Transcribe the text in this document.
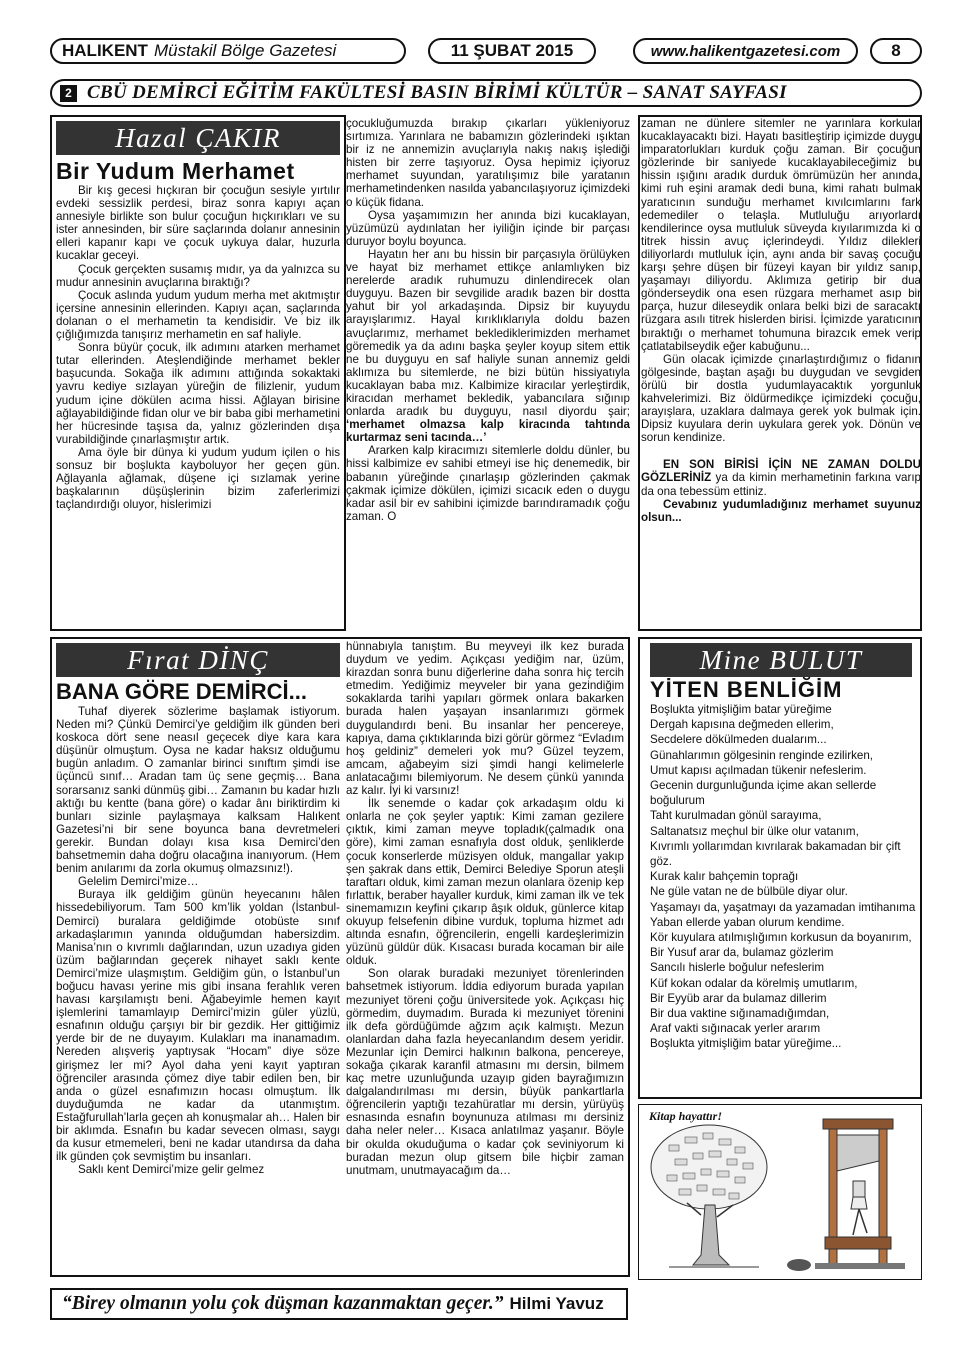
HALIKENT Müstakil Bölge Gazetesi	11 ŞUBAT 2015	www.halikentgazetesi.com	8
2 CBÜ DEMİRCİ EĞİTİM FAKÜLTESİ BASIN BİRİMİ KÜLTÜR – SANAT SAYFASI
Hazal ÇAKIR
Bir Yudum Merhamet

Bir kış gecesi hıçkıran bir çocuğun sesiyle yırtılır evdeki sessizlik perdesi, biraz sonra kapıyı açan annesiyle birlikte son bulur çocuğun hıçkırıkları ve su ister annesinden, bir süre saçlarında dolanır annesinin elleri kapanır kapı ve çocuk uykuya dalar, huzurla kucaklar geceyi.

Çocuk gerçekten susamış mıdır, ya da yalnızca su mudur annesinin avuçlarına bıraktığı?

Çocuk aslında yudum yudum merha met akıtmıştır içersine annesinin ellerinden. Kapıyı açan, saçlarında dolanan o el merhametin ta kendisidir. Ve biz ilk çığlığımızda tanışırız merhametin en saf haliyle.

Sonra büyür çocuk, ilk adımını atarken merhamet tutar ellerinden. Ateşlendiğinde merhamet bekler başucunda. Sokağa ilk adımını attığında sokaktaki yavru kediye sızlayan yüreğin de filizlenir, yudum yudum içine dökülen acıma hissi. Ağlayan birisine ağlayabildiğinde fidan olur ve bir baba gibi merhametini her hücresinde taşısa da, yalnız gözlerinden dışa vurabildiğinde çınarlaşmıştır artık.

Ama öyle bir dünya ki yudum yudum içilen o his sonsuz bir boşlukta kayboluyor her geçen gün. Ağlayanla ağlamak, düşene içi sızlamak yerine başkalarının düşüşlerinin bizim zaferlerimizi taçlandırdığı oluyor, hislerimizi

çocukluğumuzda bırakıp çıkarları yükleniyoruz sırtımıza. Yarınlara ne babamızın gözlerindeki ışıktan bir iz ne annemizin avuçlarıyla nakış nakış işlediği histen bir zerre taşıyoruz. Oysa hepimiz içiyoruz merhamet suyundan, yaratılışımız bile yaratanın merhametindenken nasılda yabancılaşıyoruz içimizdeki o küçük fidana.

Oysa yaşamımızın her anında bizi kucaklayan, yüzümüzü aydınlatan her iyiliğin içinde bir parçası duruyor boylu boyunca.

Hayatın her anı bu hissin bir parçasıyla örülüyken ve hayat biz merhamet ettikçe anlamlıyken biz nerelerde aradık ruhumuzu dinlendirecek olan duyguyu. Bazen bir sevgilide aradık bazen bir dostta yahut bir yol arkadaşında. Dipsiz bir kuyuydu arayışlarımız. Hayal kırıklıklarıyla doldu bazen avuçlarımız, merhamet beklediklerimizden merhamet göremedik ya da adını başka şeyler koyup sitem ettik ne bu duyguyu en saf haliyle sunan annemiz geldi aklımıza bu sitemlerde, ne bizi bütün hissiyatıyla kucaklayan baba mız. Kalbimize kiracılar yerleştirdik, kiracıdan merhamet bekledik, yabancılara sığınıp onlarda aradık bu duyguyu, nasıl diyordu şair; ‘merhamet olmazsa kalp kiracında tahtında kurtarmaz seni tacında…’

Ararken kalp kiracımızı sitemlerle doldu dünler, bu hissi kalbimize ev sahibi etmeyi ise hiç denemedik, bir babanın yüreğinde çınarlaşıp gözlerinden çakmak çakmak içimize dökülen, içimizi sıcacık eden o duygu kadar asil bir ev sahibini içimizde barındıramadık çoğu zaman. O

zaman ne dünlere sitemler ne yarınlara korkular kucaklayacaktı bizi. Hayatı basitleştirip içimizde duygu imparatorlukları kurduk çoğu zaman. Bir çocuğun gözlerinde bir saniyede kucaklayabileceğimiz bu hissin ışığını aradık durduk ömrümüzün her anında, kimi ruh eşini aramak dedi buna, kimi rahatı bulmak yaratıcının sunduğu merhamet kıvılcımlarını fark edemediler o telaşla. Mutluluğu arıyorlardı kendilerince oysa mutluluk süveyda kıyılarımızda ki o titrek hissin avuç içlerindeydi. Yıldız dilekleri diliyorlardı mutluluk için, aynı anda bir savaş çocuğu karşı şehre düşen bir füzeyi kayan bir yıldız sanıp, yaşamayı diliyordu. Aklımıza getirip bir dua gönderseydik ona esen rüzgara merhamet asıp bir parça, huzur dileseydik onlara belki bizi de saracaktı rüzgara asılı titrek hislerden birisi. İçimizde yaratıcının bıraktığı o merhamet tohumuna birazcık emek verip çatlatabilseydik eğer kabuğunu...

Gün olacak içimizde çınarlaştırdığımız o fidanın gölgesinde, baştan aşağı bu duygudan ve sevgiden örülü bir dostla yudumlayacaktık yorgunluk kahvelerimizi. Biz öldürmedikçe içimizdeki çocuğu, arayışlara, uzaklara dalmaya gerek yok bulmak için. Dipsiz kuyulara derin uykulara gerek yok. Dönün ve sorun kendinize.

EN SON BİRİSİ İÇİN NE ZAMAN DOLDU GÖZLERİNİZ ya da kimin merhametinin farkına varıp da ona tebessüm ettiniz.

Cevabınız yudumladığınız merhamet suyunuz olsun...

Fırat DİNÇ
BANA GÖRE DEMİRCİ...

Tuhaf diyerek sözlerime başlamak istiyorum. Neden mi? Çünkü Demirci’ye geldiğim ilk günden beri koskoca dört sene neasıl geçecek diye kara kara düşünür olmuştum. Oysa ne kadar haksız olduğumu bugün anladım. O zamanlar birinci sınıftım şimdi ise üçüncü sınıf… Aradan tam üç sene geçmiş… Bana sorarsanız sanki dünmüş gibi… Zamanın bu kadar hızlı aktığı bu kentte (bana göre) o kadar ânı biriktirdim ki bunları sizinle paylaşmaya kalksam Halıkent Gazetesi’ni bir sene boyunca bana devretmeleri gerekir. Bundan dolayı kısa kısa Demirci’den bahsetmemin daha doğru olacağına inanıyorum. (Hem benim anılarımı da zorla okumuş olmazsınız!).

Gelelim Demirci’mize…

Buraya ilk geldiğim günün heyecanını hâlen hissedebiliyorum. Tam 500 km’lik yoldan (İstanbul- Demirci) buralara geldiğimde otobüste sınıf arkadaşlarımın yanında olduğumdan habersizdim. Manisa’nın o kıvrımlı dağlarından, uzun uzadıya giden üzüm bağlarından geçerek nihayet saklı kente Demirci’mize ulaşmıştım. Geldiğim gün, o İstanbul’un boğucu havası yerine mis gibi insana ferahlık veren havası karşılamıştı beni. Ağabeyimle hemen kayıt işlemlerini tamamlayıp Demirci’mizin güler yüzlü, esnafının olduğu çarşıyı bir bir gezdik. Her gittiğimiz yerde bir de ne duyayım. Kulakları ma inanamadım. Nereden alışveriş yaptıysak “Hocam” diye söze girişmez ler mi? Ayol daha yeni kayıt yaptıran öğrenciler arasında çömez diye tabir edilen ben, bir anda o güzel esnafımızın hocası olmuştum. İlk duyduğumda ne kadar da utanmıştım. Estağfurullah’larla geçen ah konuşmalar ah… Halen bir bir aklımda. Esnafın bu kadar sevecen olması, saygı da kusur etmemeleri, beni ne kadar utandırsa da daha ilk günden çok sevmiştim bu insanları.

Saklı kent Demirci’mize gelir gelmez

hünnabıyla tanıştım. Bu meyveyi ilk kez burada duydum ve yedim. Açıkçası yediğim nar, üzüm, kirazdan sonra bunu diğerlerine daha sonra hiç tercih etmedim. Yediğimiz meyveler bir yana gezindiğim sokaklarda tarihi yapıları görmek onlara bakarken burada halen yaşayan insanlarımızı görmek duygulandırdı beni. Bu insanlar her pencereye, kapıya, dama çıktıklarında bizi görür görmez “Evladım hoş geldiniz” demeleri yok mu? Güzel teyzem, amcam, ağabeyim sizi şimdi hangi kelimelerle anlatacağımı bilemiyorum. Ne desem çünkü yanında az kalır. İyi ki varsınız!

İlk senemde o kadar çok arkadaşım oldu ki onlarla ne çok şeyler yaptık: Kimi zaman gezilere çıktık, kimi zaman meyve topladık(çalmadık ona göre), kimi zaman esnafıyla dost olduk, şenliklerde çocuk konserlerde müzisyen olduk, mangallar yakıp şen şakrak dans ettik, Demirci Belediye Sporun ateşli taraftarı olduk, kimi zaman mezun olanlara özenip kep fırlattık, beraber hayaller kurduk, kimi zaman ilk ve tek sinemamızın keyfini çıkarıp âşık olduk, günlerce kitap okuyup felsefenin dibine vurduk, topluma hizmet adı altında esnafın, öğrencilerin, engelli kardeşlerimizin yüzünü güldür dük. Kısacası burada kocaman bir aile olduk.

Son olarak buradaki mezuniyet törenlerinden bahsetmek istiyorum. İddia ediyorum burada yapılan mezuniyet töreni çoğu üniversitede yok. Açıkçası hiç görmedim, duymadım. Burada ki mezuniyet törenini ilk defa gördüğümde ağzım açık kalmıştı. Mezun olanlardan daha fazla heyecanlandım desem yeridir. Mezunlar için Demirci halkının balkona, pencereye, sokağa çıkarak karanfil atmasını mı dersin, bilmem kaç metre uzunluğunda uzayıp giden bayrağımızın dalgalandırılması mı dersin, büyük pankartlarla öğrencilerin yaptığı tezahüratlar mı dersin, yürüyüş esnasında esnafın boynunuza atılması mı dersiniz daha neler neler… Kısaca anlatılmaz yaşanır. Böyle bir okulda okuduğuma o kadar çok seviniyorum ki buradan mezun olup gitsem bile hiçbir zaman unutmam, unutmayacağım da…

Mine BULUT
YİTEN BENLİĞİM
Boşlukta yitmişliğim batar yüreğime
Dergah kapısına değmeden ellerim,
Secdelere dökülmeden dualarım...
Günahlarımın gölgesinin renginde ezilirken,
Umut kapısı açılmadan tükenir nefeslerim.
Gecenin durgunluğunda içime akan sellerde boğulurum
Taht kurulmadan gönül sarayıma,
Saltanatsız meçhul bir ülke olur vatanım,
Kıvrımlı yollarımdan kıvrılarak bakamadan bir çift göz.
Kurak kalır bahçemin toprağı
Ne güle vatan ne de bülbüle diyar olur.
Yaşamayı da, yaşatmayı da yazamadan imtihanıma
Yaban ellerde yaban olurum kendime.
Kör kuyulara atılmışlığımın korkusun da boyanırım,
Bir Yusuf arar da, bulamaz gözlerim
Sancılı hislerle boğulur nefeslerim
Küf kokan odalar da körelmiş umutlarım,
Bir Eyyüb arar da bulamaz dillerim
Bir dua vaktine sığınamadığımdan,
Araf vakti sığınacak yerler ararım
Boşlukta yitmişliğim batar yüreğime...
Kitap hayattır!
“Birey olmanın yolu çok düşman kazanmaktan geçer.” Hilmi Yavuz
